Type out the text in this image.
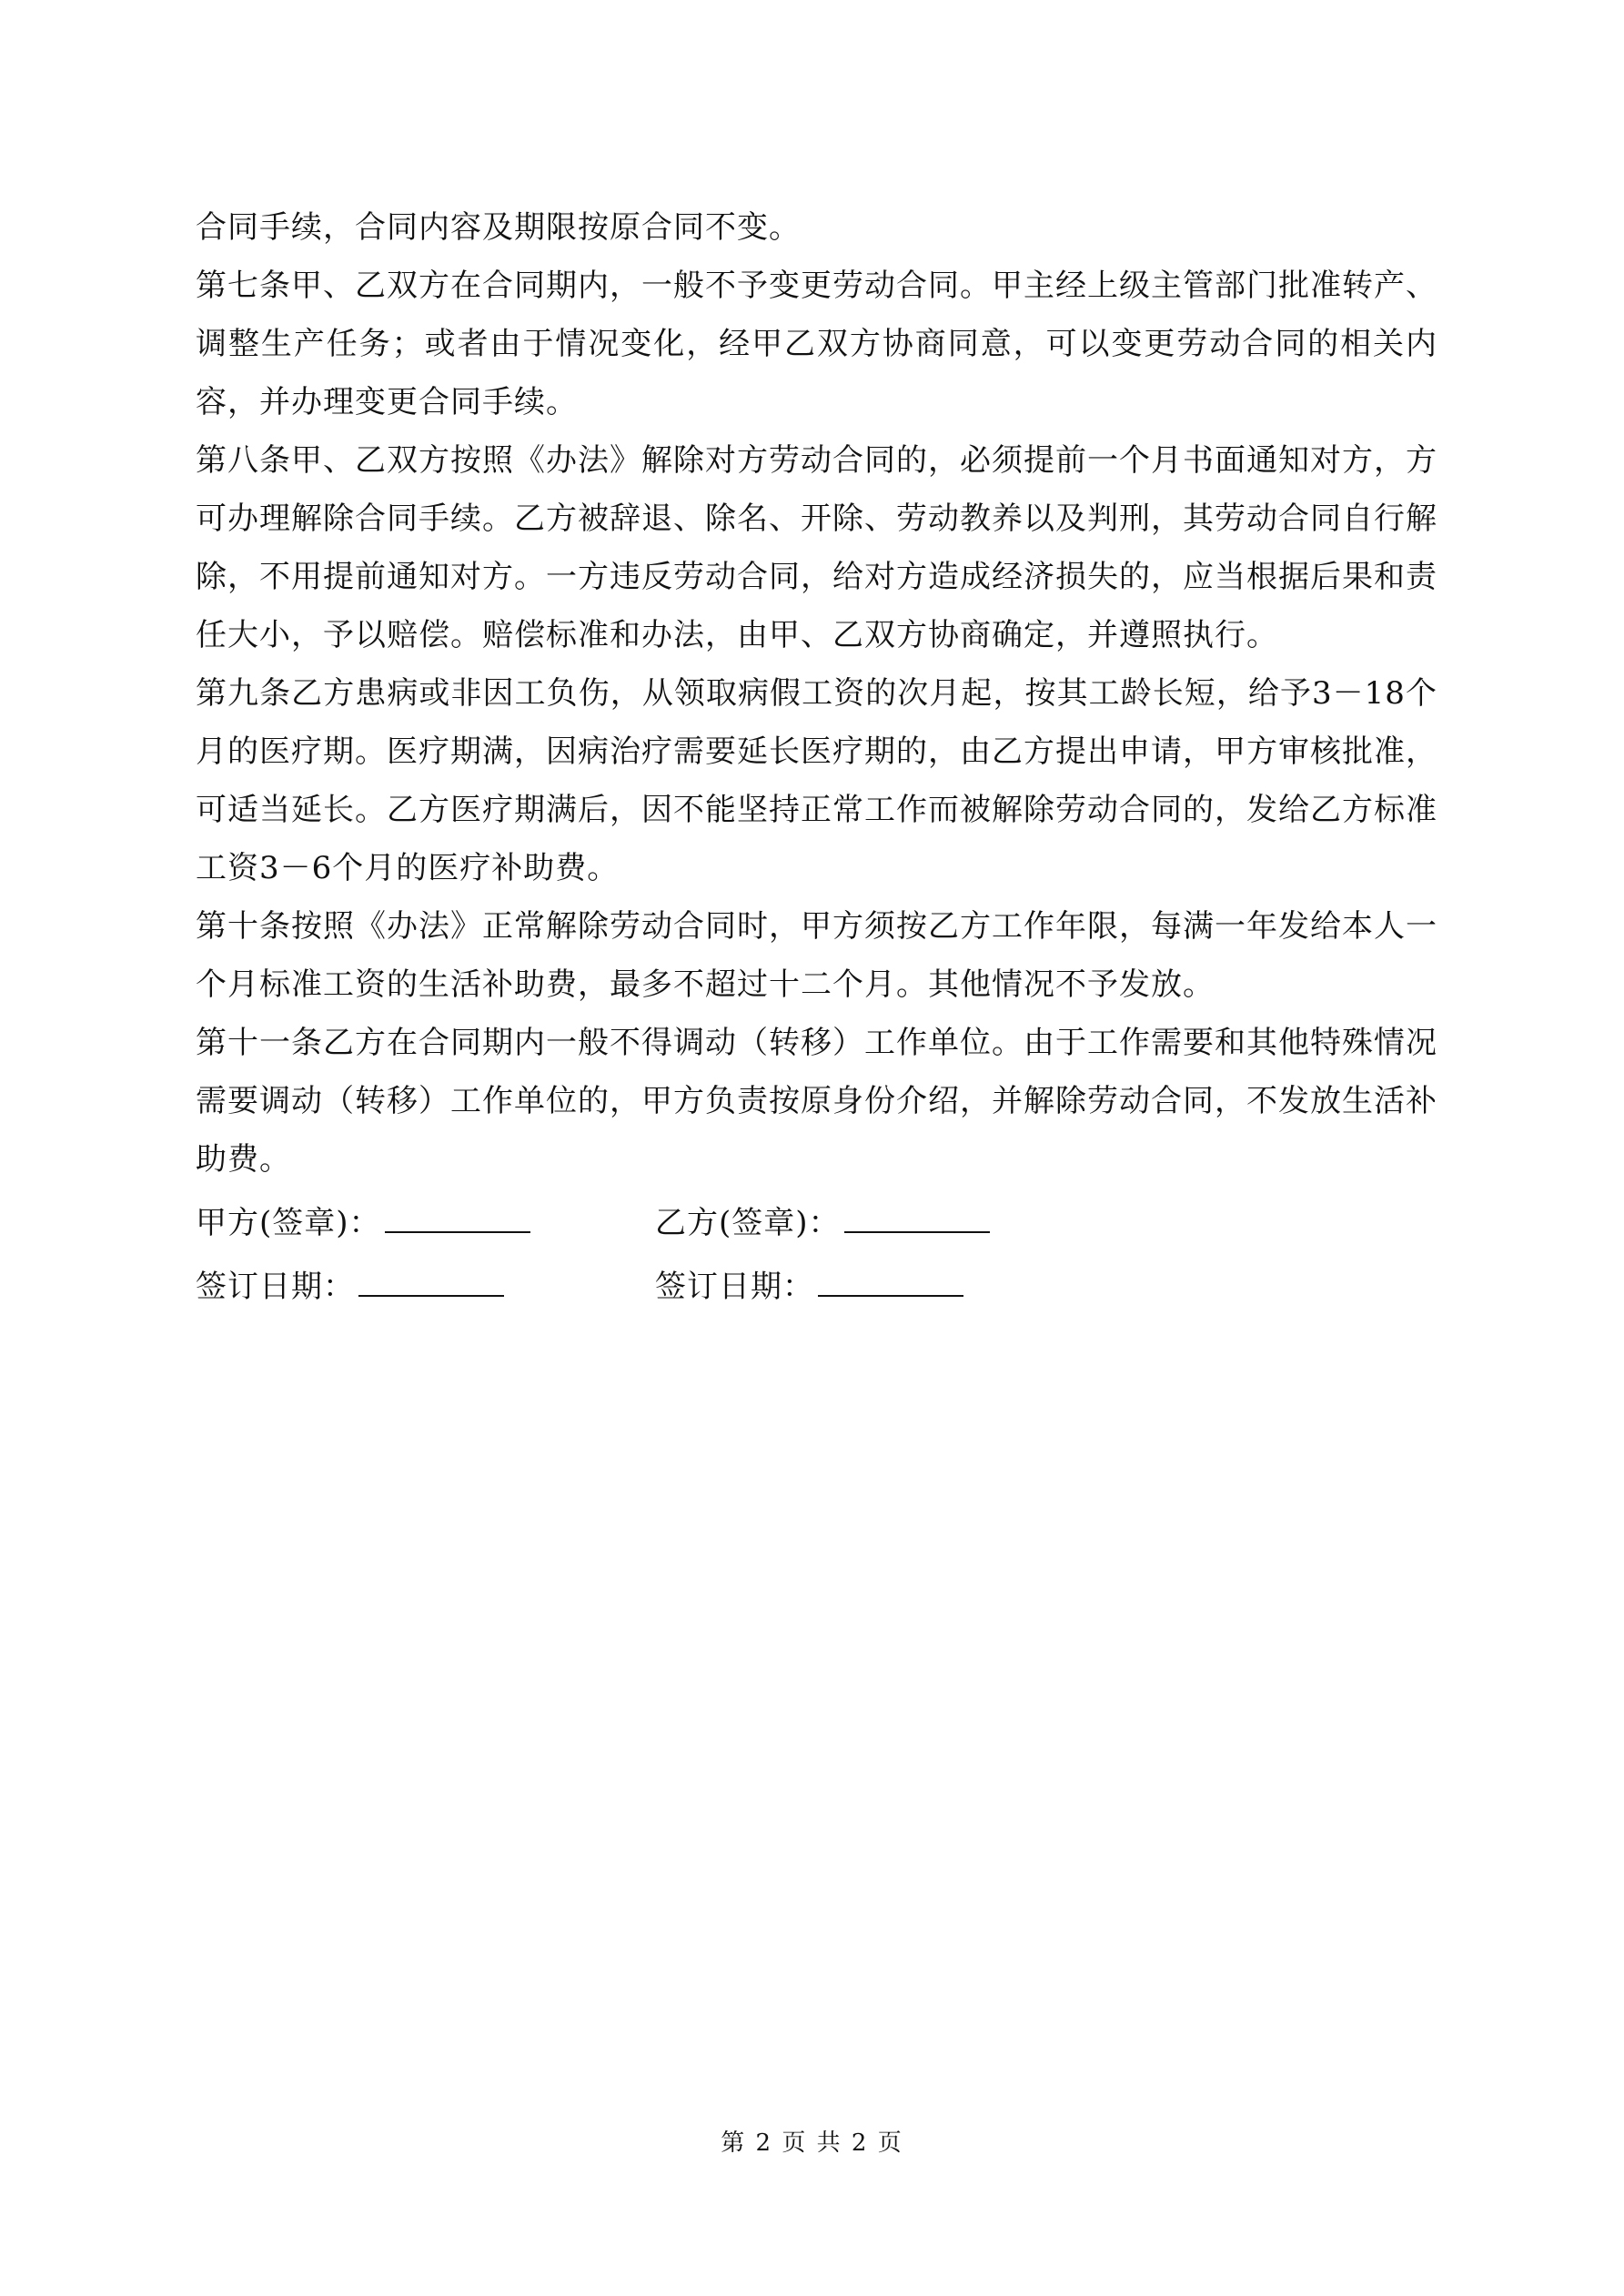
合同手续，合同内容及期限按原合同不变。

第七条甲、乙双方在合同期内，一般不予变更劳动合同。甲主经上级主管部门批准转产、调整生产任务；或者由于情况变化，经甲乙双方协商同意，可以变更劳动合同的相关内容，并办理变更合同手续。

第八条甲、乙双方按照《办法》解除对方劳动合同的，必须提前一个月书面通知对方，方可办理解除合同手续。乙方被辞退、除名、开除、劳动教养以及判刑，其劳动合同自行解除，不用提前通知对方。一方违反劳动合同，给对方造成经济损失的，应当根据后果和责任大小，予以赔偿。赔偿标准和办法，由甲、乙双方协商确定，并遵照执行。

第九条乙方患病或非因工负伤，从领取病假工资的次月起，按其工龄长短，给予3－18个月的医疗期。医疗期满，因病治疗需要延长医疗期的，由乙方提出申请，甲方审核批准，可适当延长。乙方医疗期满后，因不能坚持正常工作而被解除劳动合同的，发给乙方标准工资3－6个月的医疗补助费。

第十条按照《办法》正常解除劳动合同时，甲方须按乙方工作年限，每满一年发给本人一个月标准工资的生活补助费，最多不超过十二个月。其他情况不予发放。

第十一条乙方在合同期内一般不得调动（转移）工作单位。由于工作需要和其他特殊情况需要调动（转移）工作单位的，甲方负责按原身份介绍，并解除劳动合同，不发放生活补助费。

甲方(签章)：	乙方(签章)：
签订日期：	签订日期：
第 2 页 共 2 页
